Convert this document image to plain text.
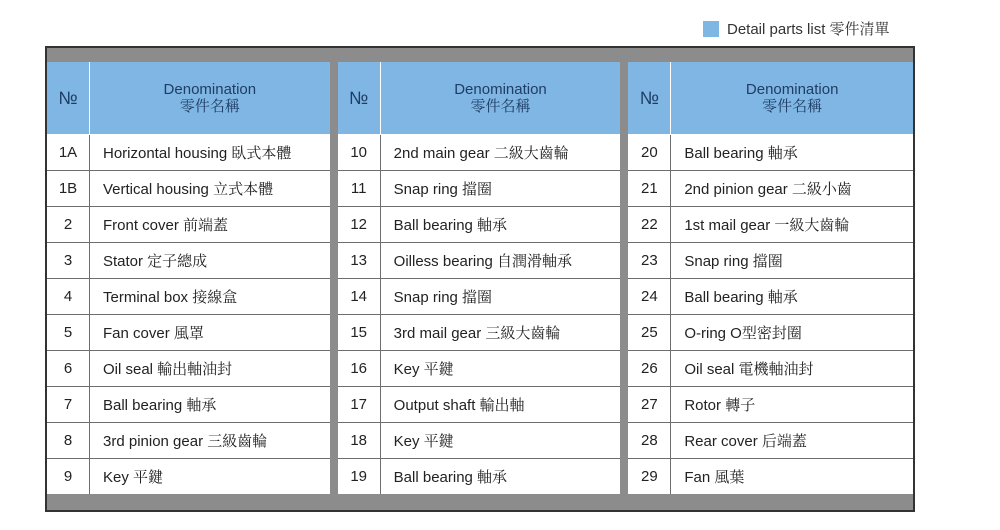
Detail parts list 零件清單
№	Denomination
零件名稱
1A	Horizontal housing 臥式本體
1B	Vertical housing 立式本體
2	Front cover 前端蓋
3	Stator 定子總成
4	Terminal box 接線盒
5	Fan cover 風罩
6	Oil seal 輸出軸油封
7	Ball bearing 軸承
8	3rd pinion gear 三級齒輪
9	Key 平鍵
№	Denomination
零件名稱
10	2nd main gear 二級大齒輪
11	Snap ring 擋圈
12	Ball bearing 軸承
13	Oilless bearing 自潤滑軸承
14	Snap ring 擋圈
15	3rd mail gear 三級大齒輪
16	Key 平鍵
17	Output shaft 輸出軸
18	Key 平鍵
19	Ball bearing 軸承
№	Denomination
零件名稱
20	Ball bearing 軸承
21	2nd pinion gear 二級小齒
22	1st mail gear 一級大齒輪
23	Snap ring 擋圈
24	Ball bearing 軸承
25	O-ring O型密封圈
26	Oil seal 電機軸油封
27	Rotor 轉子
28	Rear cover 后端蓋
29	Fan 風葉
